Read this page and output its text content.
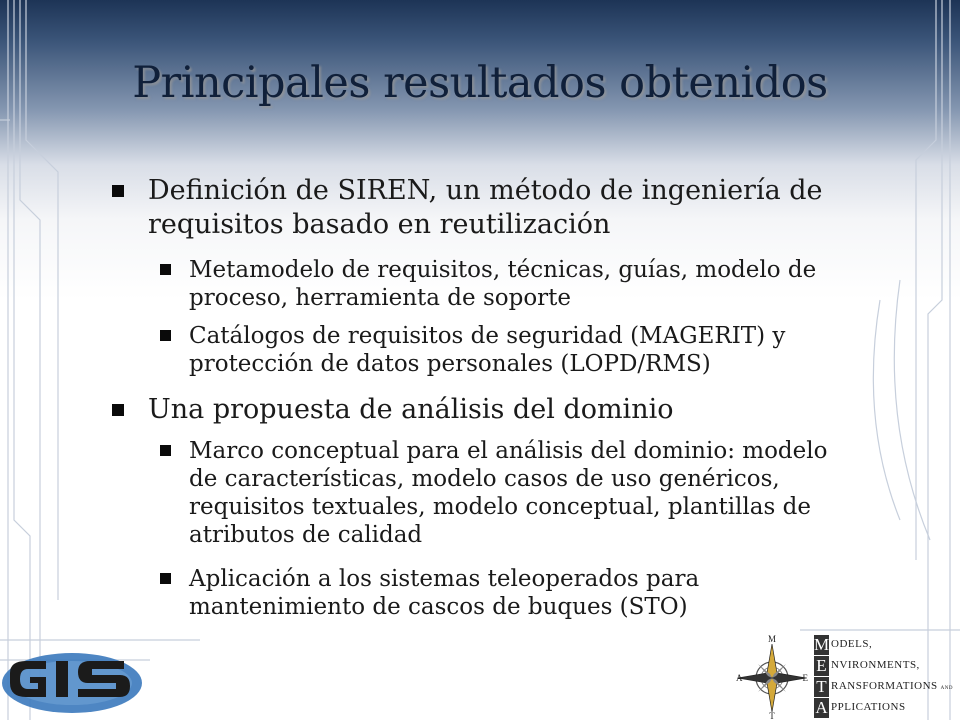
Principales resultados obtenidos
Definición de SIREN, un método de ingeniería de requisitos basado en reutilización
Metamodelo de requisitos, técnicas, guías, modelo de proceso, herramienta de soporte
Catálogos de requisitos de seguridad (MAGERIT) y protección de datos personales (LOPD/RMS)
Una propuesta de análisis del dominio
Marco conceptual para el análisis del dominio: modelo de características, modelo casos de uso genéricos, requisitos textuales, modelo conceptual, plantillas de atributos de calidad
Aplicación a los sistemas teleoperados para mantenimiento de cascos de buques (STO)
M
A	E
T
M ODELS,
E NVIRONMENTS,
T RANSFORMATIONS AND
A PPLICATIONS
